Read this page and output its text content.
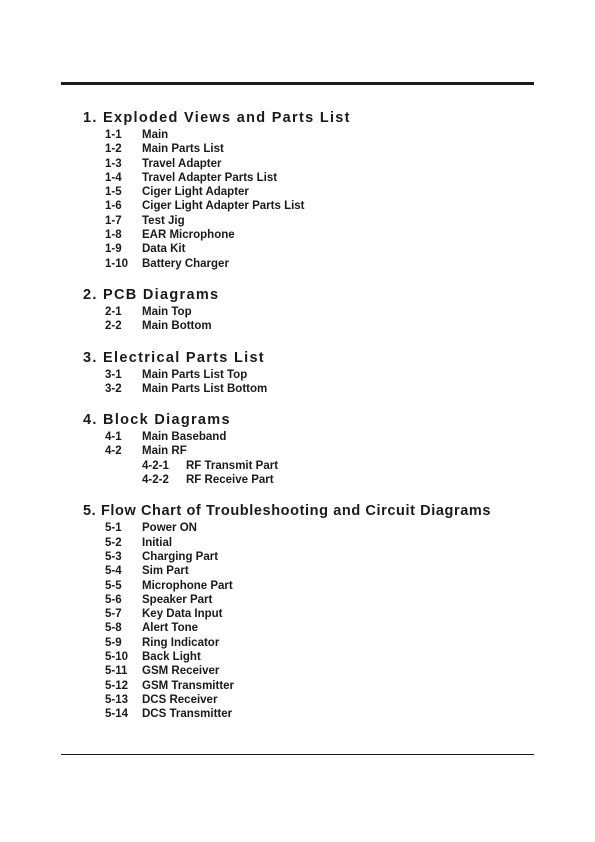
1. Exploded Views and Parts List
1-1 Main
1-2 Main Parts List
1-3 Travel Adapter
1-4 Travel Adapter Parts List
1-5 Ciger Light Adapter
1-6 Ciger Light Adapter Parts List
1-7 Test Jig
1-8 EAR Microphone
1-9 Data Kit
1-10 Battery Charger
2. PCB Diagrams
2-1 Main Top
2-2 Main Bottom
3. Electrical Parts List
3-1 Main Parts List Top
3-2 Main Parts List Bottom
4. Block Diagrams
4-1 Main Baseband
4-2 Main RF
4-2-1 RF Transmit Part
4-2-2 RF Receive Part
5. Flow Chart of Troubleshooting and Circuit Diagrams
5-1 Power ON
5-2 Initial
5-3 Charging Part
5-4 Sim Part
5-5 Microphone Part
5-6 Speaker Part
5-7 Key Data Input
5-8 Alert Tone
5-9 Ring Indicator
5-10 Back Light
5-11 GSM Receiver
5-12 GSM Transmitter
5-13 DCS Receiver
5-14 DCS Transmitter
